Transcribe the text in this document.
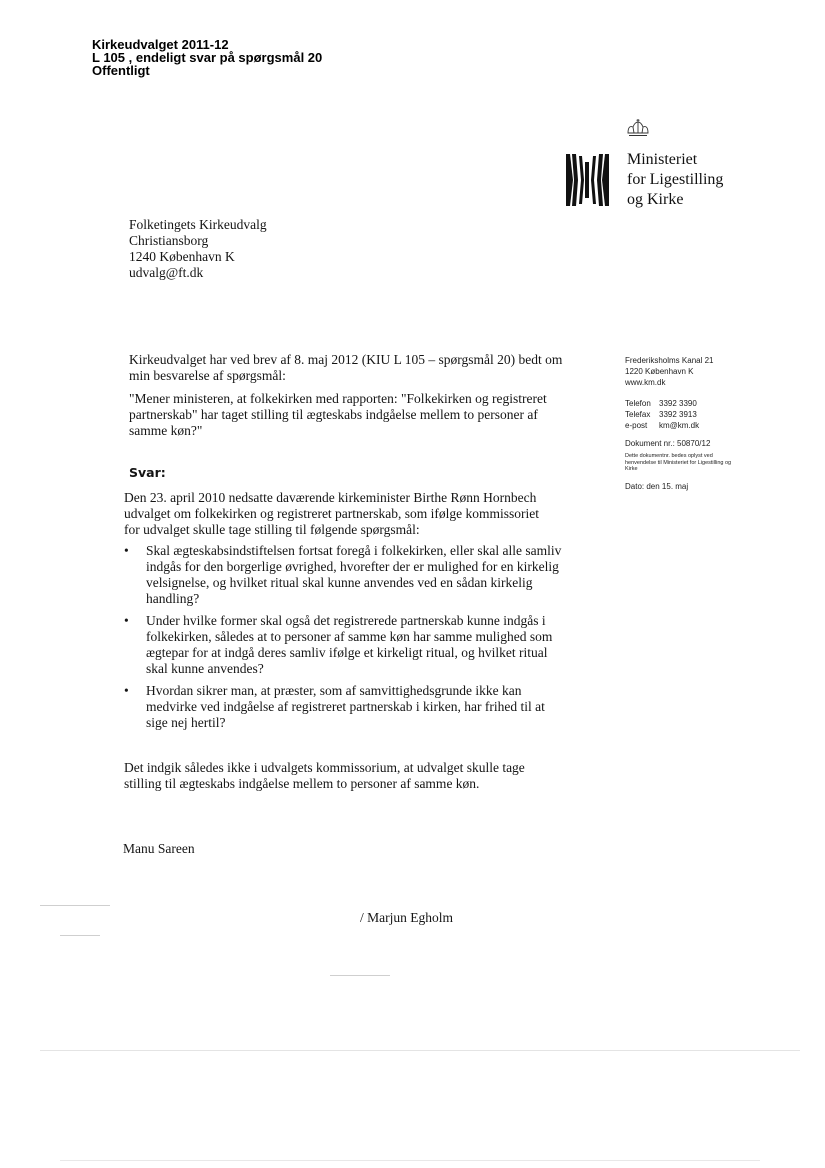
Kirkeudvalget 2011-12
L 105 , endeligt svar på spørgsmål 20
Offentligt
Ministeriet
for Ligestilling
og Kirke
Folketingets Kirkeudvalg
Christiansborg
1240 København K
udvalg@ft.dk
Frederiksholms Kanal 21
1220 København K
www.km.dk
Telefon 3392 3390
Telefax 3392 3913
e-post km@km.dk
Dokument nr.: 50870/12
Dette dokumentnr. bedes oplyst ved henvendelse til Ministeriet for Ligestilling og Kirke
Dato: den 15. maj
Kirkeudvalget har ved brev af 8. maj 2012 (KIU L 105 – spørgsmål 20) bedt om min besvarelse af spørgsmål:
"Mener ministeren, at folkekirken med rapporten: "Folkekirken og registreret partnerskab" har taget stilling til ægteskabs indgåelse mellem to personer af samme køn?"
Svar:
Den 23. april 2010 nedsatte daværende kirkeminister Birthe Rønn Hornbech udvalget om folkekirken og registreret partnerskab, som ifølge kommissoriet for udvalget skulle tage stilling til følgende spørgsmål:
• Skal ægteskabsindstiftelsen fortsat foregå i folkekirken, eller skal alle samliv indgås for den borgerlige øvrighed, hvorefter der er mulighed for en kirkelig velsignelse, og hvilket ritual skal kunne anvendes ved en sådan kirkelig handling?
• Under hvilke former skal også det registrerede partnerskab kunne indgås i folkekirken, således at to personer af samme køn har samme mulighed som ægtepar for at indgå deres samliv ifølge et kirkeligt ritual, og hvilket ritual skal kunne anvendes?
• Hvordan sikrer man, at præster, som af samvittighedsgrunde ikke kan medvirke ved indgåelse af registreret partnerskab i kirken, har frihed til at sige nej hertil?
Det indgik således ikke i udvalgets kommissorium, at udvalget skulle tage stilling til ægteskabs indgåelse mellem to personer af samme køn.
Manu Sareen
/ Marjun Egholm
